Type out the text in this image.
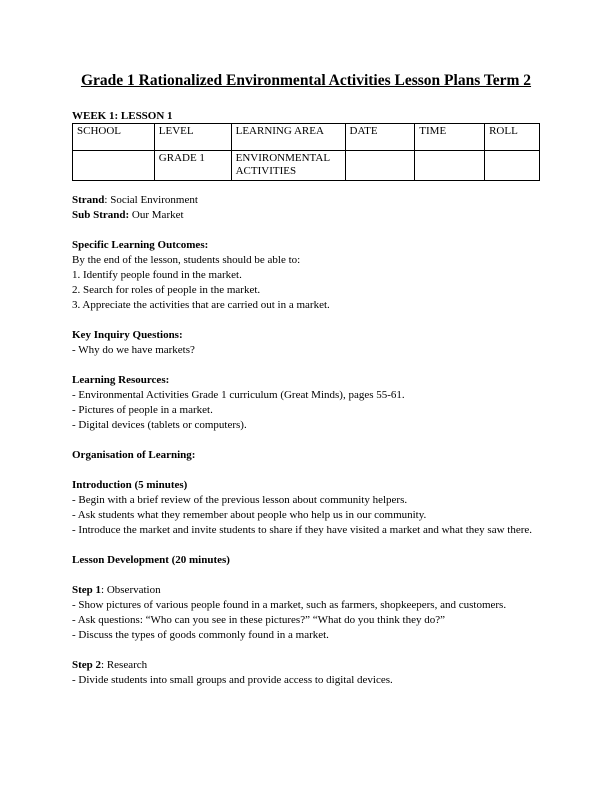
Grade 1 Rationalized Environmental Activities Lesson Plans Term 2
WEEK 1: LESSON 1
SCHOOL	LEVEL	LEARNING AREA	DATE	TIME	ROLL
	GRADE 1	ENVIRONMENTAL ACTIVITIES			

Strand: Social Environment

Sub Strand: Our Market

Specific Learning Outcomes:

By the end of the lesson, students should be able to:

1. Identify people found in the market.

2. Search for roles of people in the market.

3. Appreciate the activities that are carried out in a market.

Key Inquiry Questions:

- Why do we have markets?

Learning Resources:

- Environmental Activities Grade 1 curriculum (Great Minds), pages 55-61.

- Pictures of people in a market.

- Digital devices (tablets or computers).

Organisation of Learning:

Introduction (5 minutes)

- Begin with a brief review of the previous lesson about community helpers.

- Ask students what they remember about people who help us in our community.

- Introduce the market and invite students to share if they have visited a market and what they saw there.

Lesson Development (20 minutes)

Step 1: Observation

- Show pictures of various people found in a market, such as farmers, shopkeepers, and customers.

- Ask questions: “Who can you see in these pictures?” “What do you think they do?”

- Discuss the types of goods commonly found in a market.

Step 2: Research

- Divide students into small groups and provide access to digital devices.
